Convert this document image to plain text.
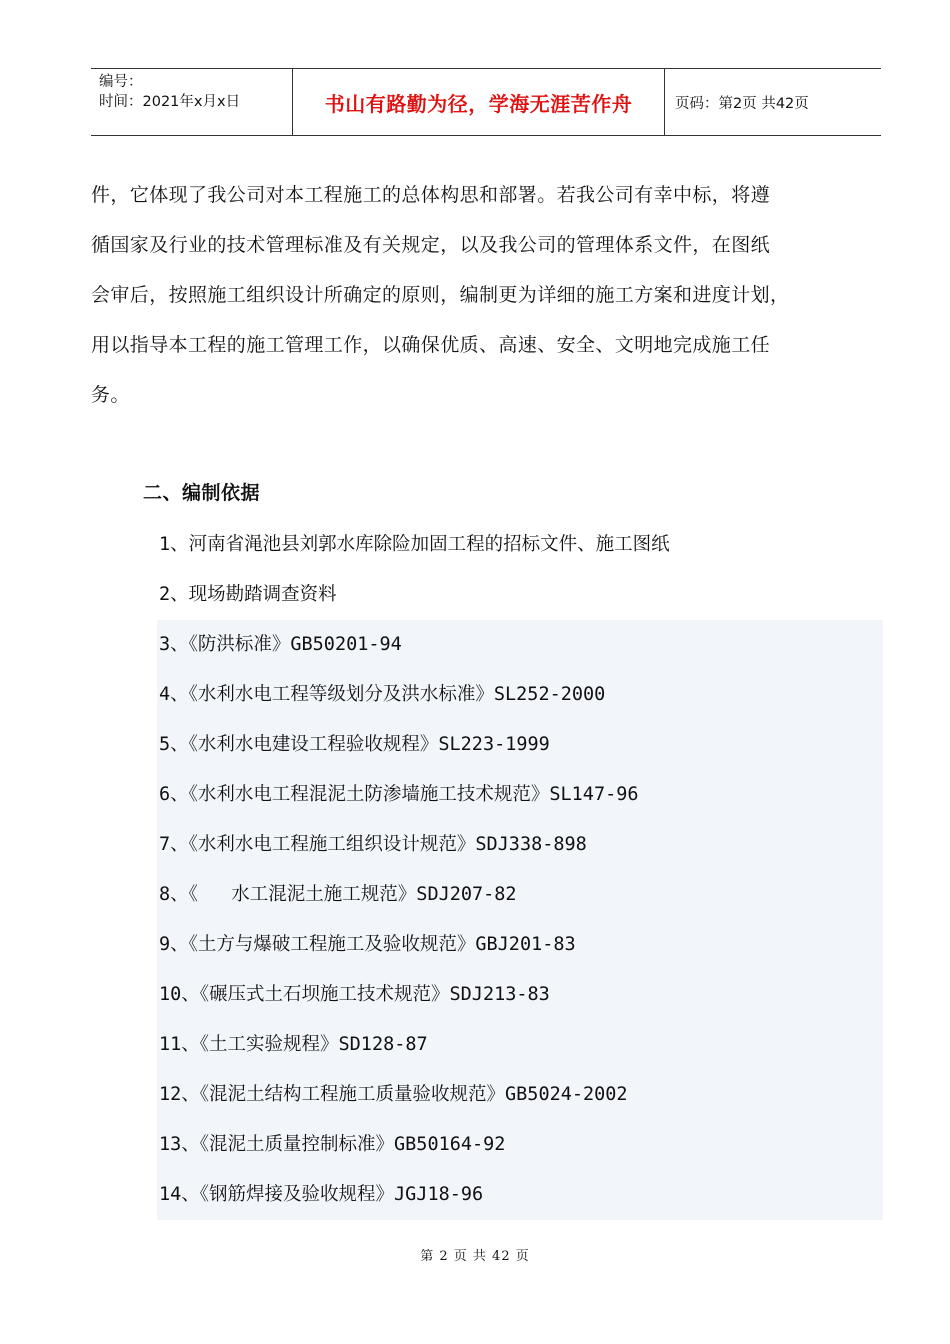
编号：
时间：2021年x月x日	书山有路勤为径，学海无涯苦作舟	页码：第2页 共42页

件，它体现了我公司对本工程施工的总体构思和部署。若我公司有幸中标，将遵

循国家及行业的技术管理标准及有关规定，以及我公司的管理体系文件，在图纸

会审后，按照施工组织设计所确定的原则，编制更为详细的施工方案和进度计划，

用以指导本工程的施工管理工作，以确保优质、高速、安全、文明地完成施工任

务。

二、编制依据
1、河南省渑池县刘郭水库除险加固工程的招标文件、施工图纸
2、现场勘踏调查资料
3、《防洪标准》GB50201-94
4、《水利水电工程等级划分及洪水标准》SL252-2000
5、《水利水电建设工程验收规程》SL223-1999
6、《水利水电工程混泥土防渗墙施工技术规范》SL147-96
7、《水利水电工程施工组织设计规范》SDJ338-898
8、《   水工混泥土施工规范》SDJ207-82
9、《土方与爆破工程施工及验收规范》GBJ201-83
10、《碾压式土石坝施工技术规范》SDJ213-83
11、《土工实验规程》SD128-87
12、《混泥土结构工程施工质量验收规范》GB5024-2002
13、《混泥土质量控制标准》GB50164-92
14、《钢筋焊接及验收规程》JGJ18-96
第 2 页 共 42 页
